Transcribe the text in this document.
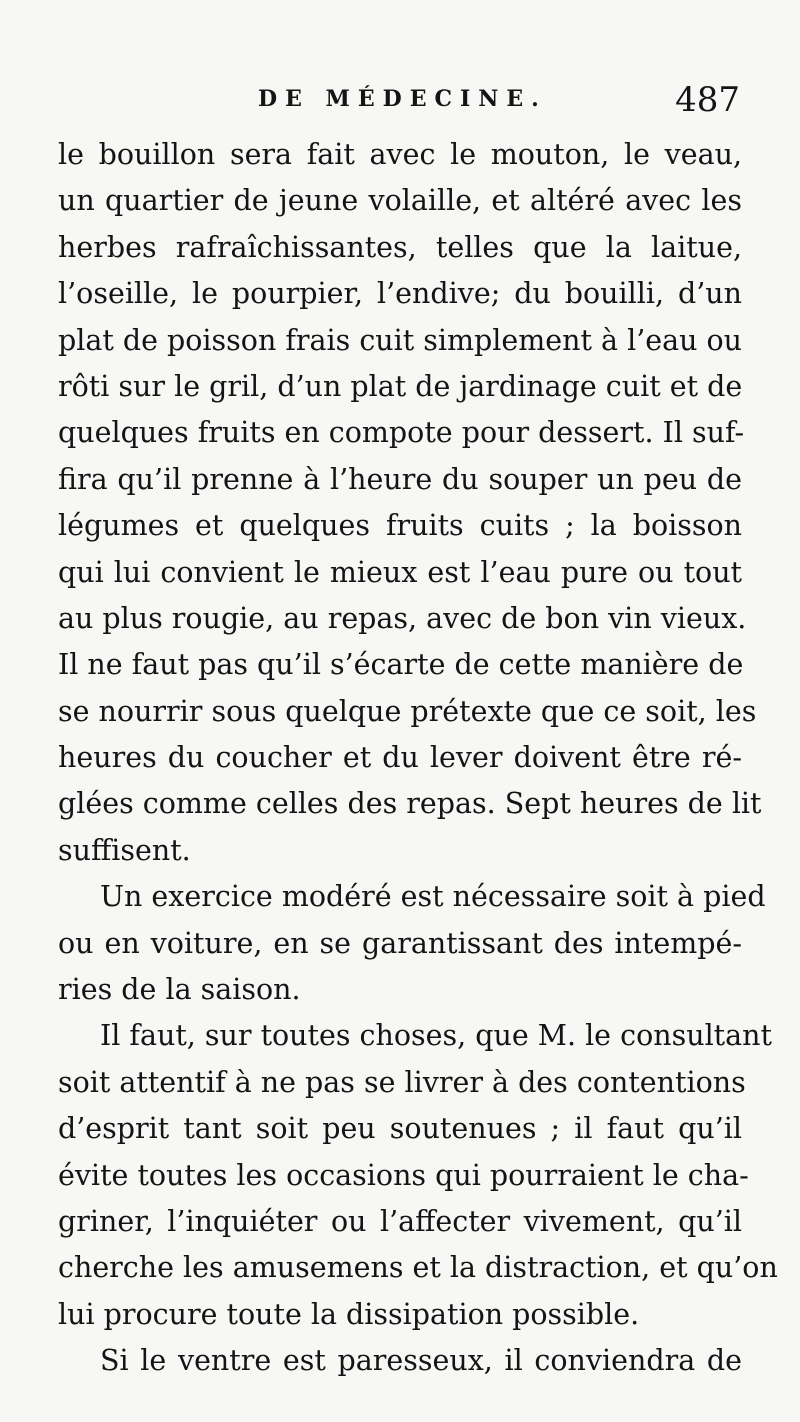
DE MÉDECINE.	487
le bouillon sera fait avec le mouton, le veau,
un quartier de jeune volaille, et altéré avec les
herbes rafraîchissantes, telles que la laitue,
l’oseille, le pourpier, l’endive; du bouilli, d’un
plat de poisson frais cuit simplement à l’eau ou
rôti sur le gril, d’un plat de jardinage cuit et de
quelques fruits en compote pour dessert. Il suf-
fira qu’il prenne à l’heure du souper un peu de
légumes et quelques fruits cuits ; la boisson
qui lui convient le mieux est l’eau pure ou tout
au plus rougie, au repas, avec de bon vin vieux.
Il ne faut pas qu’il s’écarte de cette manière de
se nourrir sous quelque prétexte que ce soit, les
heures du coucher et du lever doivent être ré-
glées comme celles des repas. Sept heures de lit
suffisent.
Un exercice modéré est nécessaire soit à pied
ou en voiture, en se garantissant des intempé-
ries de la saison.
Il faut, sur toutes choses, que M. le consultant
soit attentif à ne pas se livrer à des contentions
d’esprit tant soit peu soutenues ; il faut qu’il
évite toutes les occasions qui pourraient le cha-
griner, l’inquiéter ou l’affecter vivement, qu’il
cherche les amusemens et la distraction, et qu’on
lui procure toute la dissipation possible.
Si le ventre est paresseux, il conviendra de
